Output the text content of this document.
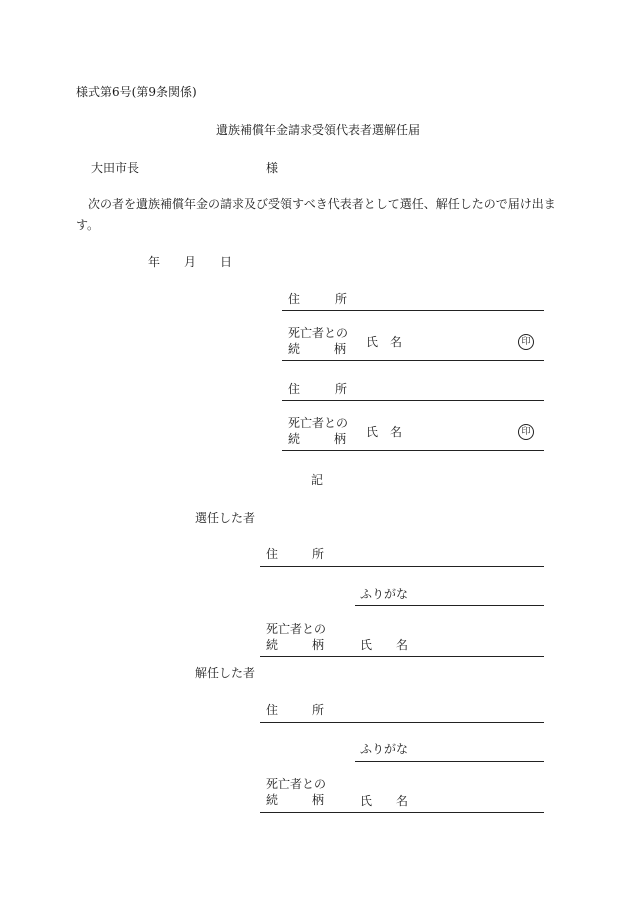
様式第6号(第9条関係)
遺族補償年金請求受領代表者選解任届
大田市長	様
次の者を遺族補償年金の請求及び受領すべき代表者として選任、解任したので届け出ま
す。
年 月 日
住	所
死亡者との
続	柄 氏 名	印
住	所
死亡者との
続	柄 氏 名	印
記
選任した者
住	所
ふりがな
死亡者との
続	柄	氏 名
解任した者
住	所
ふりがな
死亡者との
続	柄	氏 名
